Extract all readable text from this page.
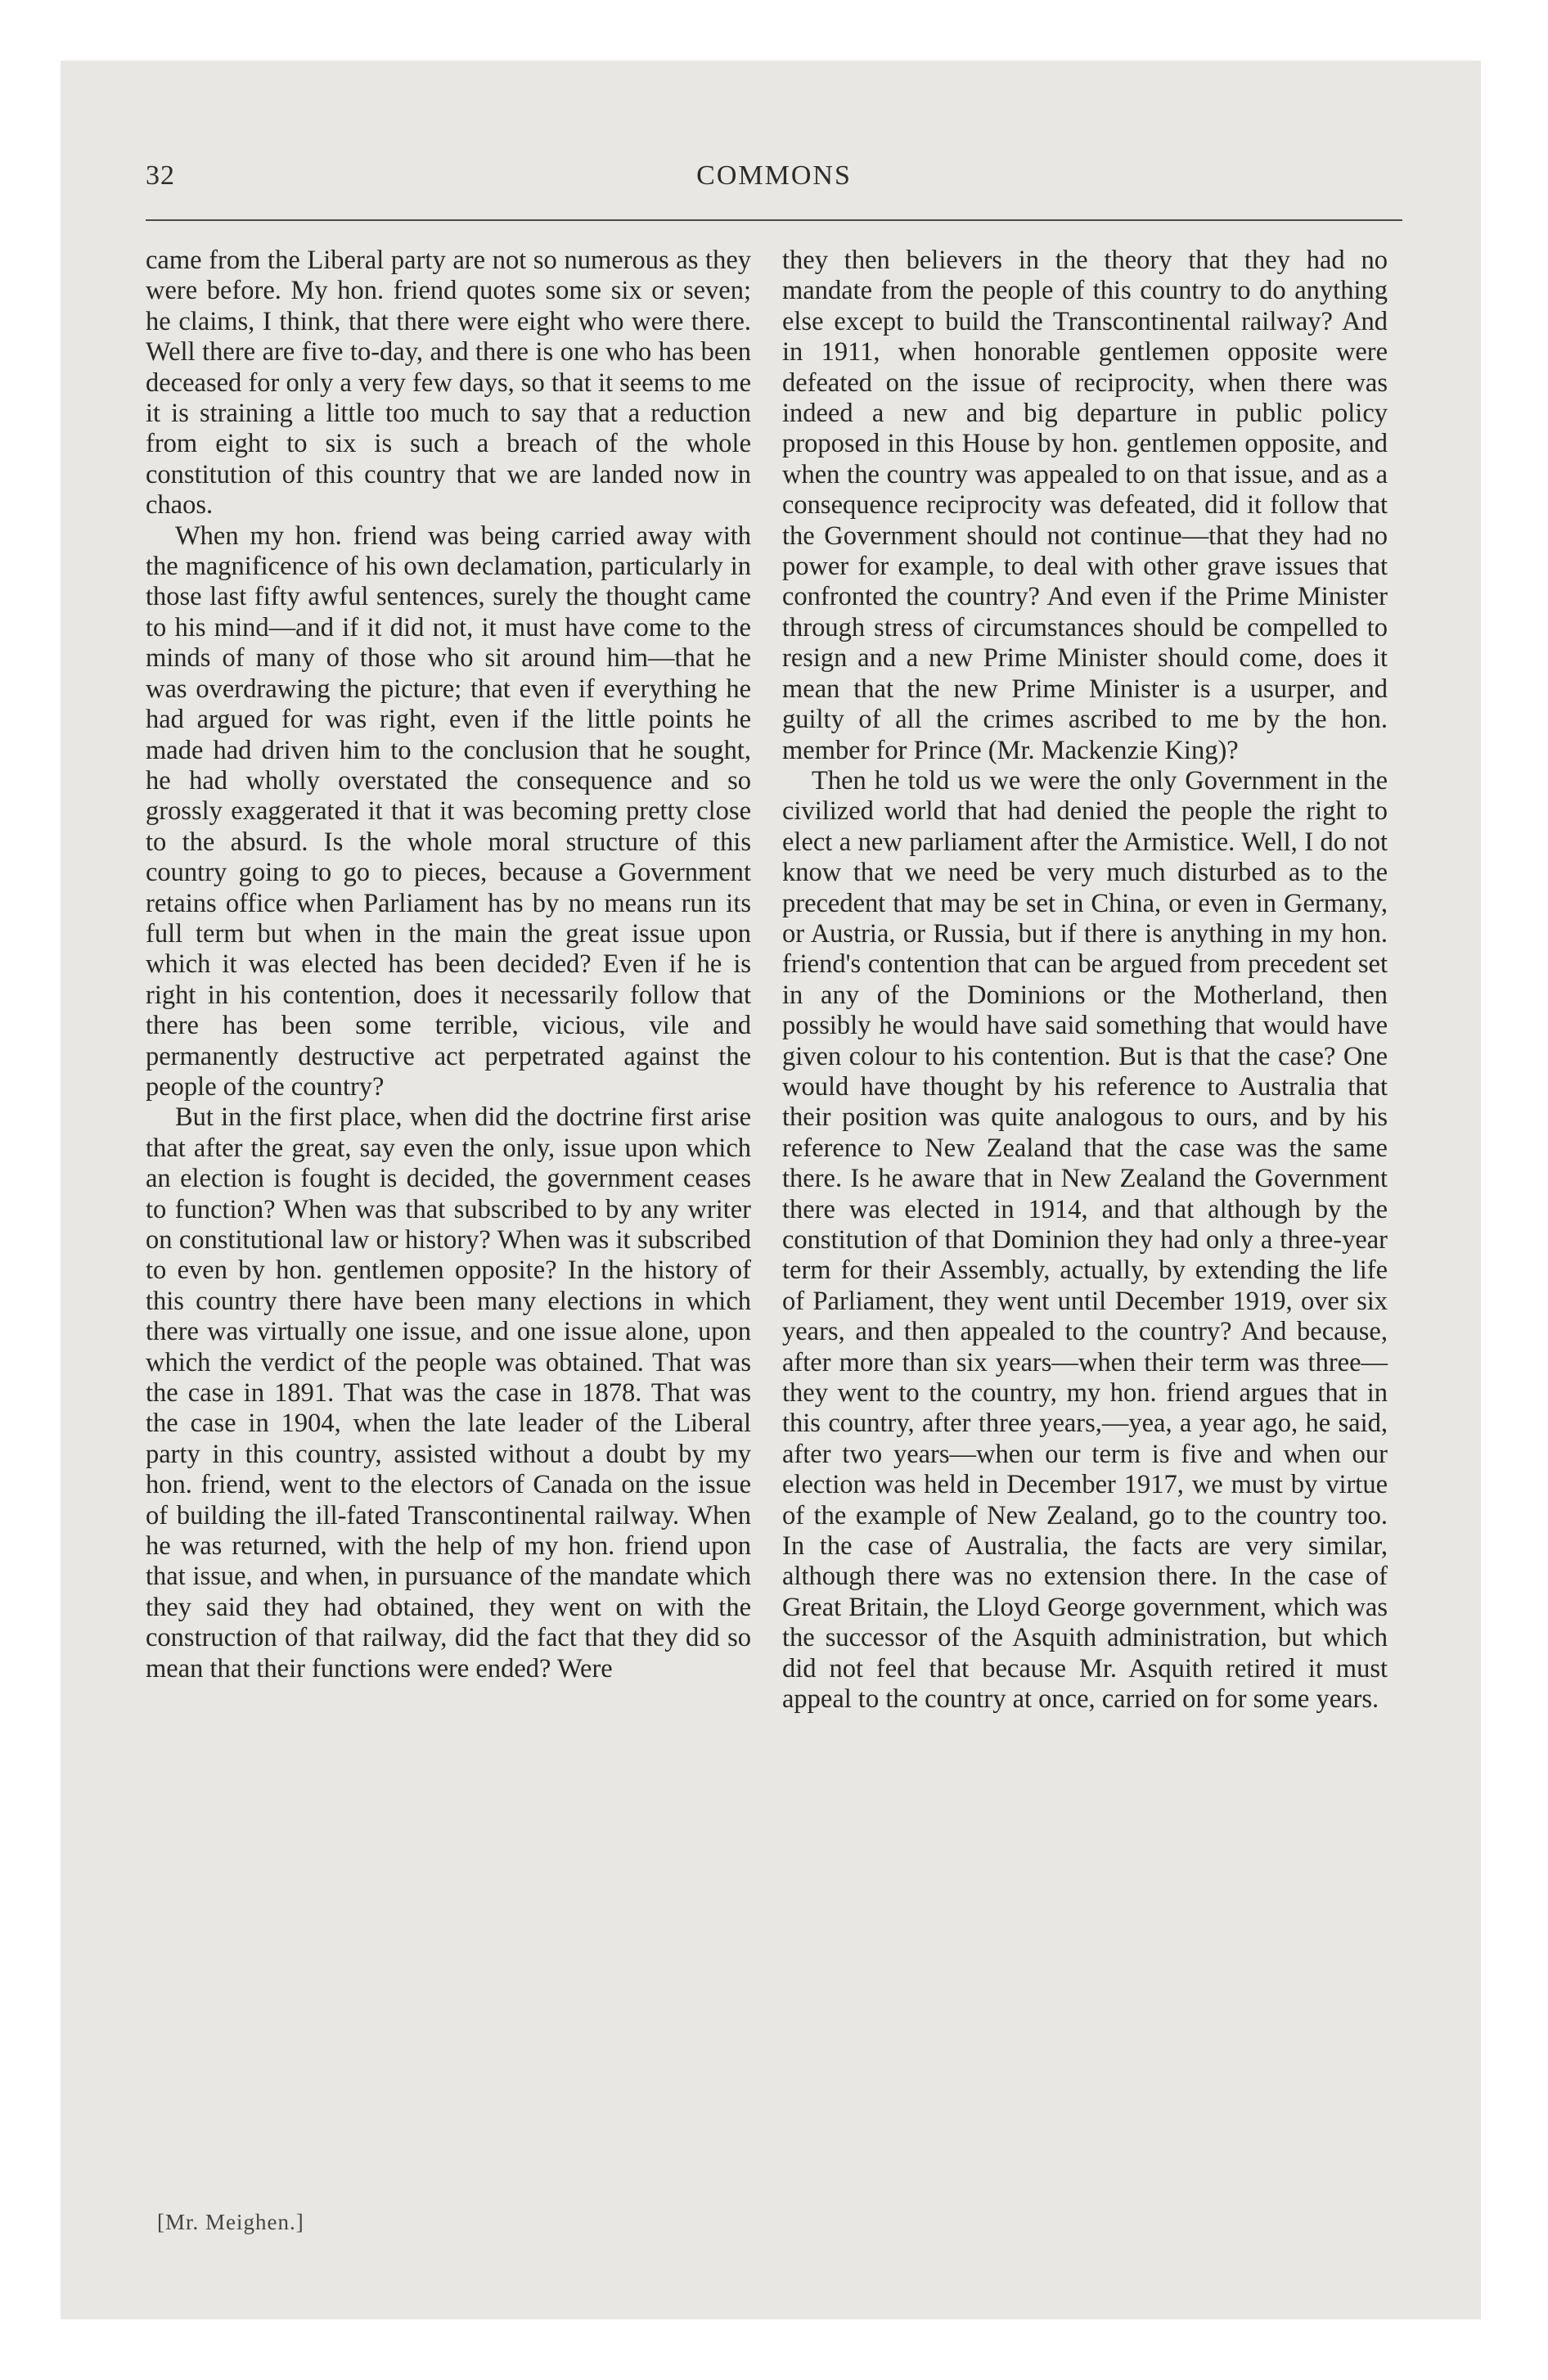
32	COMMONS

came from the Liberal party are not so numerous as they were before. My hon. friend quotes some six or seven; he claims, I think, that there were eight who were there. Well there are five to-day, and there is one who has been deceased for only a very few days, so that it seems to me it is straining a little too much to say that a reduction from eight to six is such a breach of the whole constitution of this country that we are landed now in chaos.

When my hon. friend was being carried away with the magnificence of his own declamation, particularly in those last fifty awful sentences, surely the thought came to his mind—and if it did not, it must have come to the minds of many of those who sit around him—that he was overdrawing the picture; that even if everything he had argued for was right, even if the little points he made had driven him to the conclusion that he sought, he had wholly overstated the consequence and so grossly exaggerated it that it was becoming pretty close to the absurd. Is the whole moral structure of this country going to go to pieces, because a Government retains office when Parliament has by no means run its full term but when in the main the great issue upon which it was elected has been decided? Even if he is right in his contention, does it necessarily follow that there has been some terrible, vicious, vile and permanently destructive act perpetrated against the people of the country?

But in the first place, when did the doctrine first arise that after the great, say even the only, issue upon which an election is fought is decided, the government ceases to function? When was that subscribed to by any writer on constitutional law or history? When was it subscribed to even by hon. gentlemen opposite? In the history of this country there have been many elections in which there was virtually one issue, and one issue alone, upon which the verdict of the people was obtained. That was the case in 1891. That was the case in 1878. That was the case in 1904, when the late leader of the Liberal party in this country, assisted without a doubt by my hon. friend, went to the electors of Canada on the issue of building the ill-fated Transcontinental railway. When he was returned, with the help of my hon. friend upon that issue, and when, in pursuance of the mandate which they said they had obtained, they went on with the construction of that railway, did the fact that they did so mean that their functions were ended? Were

they then believers in the theory that they had no mandate from the people of this country to do anything else except to build the Transcontinental railway? And in 1911, when honorable gentlemen opposite were defeated on the issue of reciprocity, when there was indeed a new and big departure in public policy proposed in this House by hon. gentlemen opposite, and when the country was appealed to on that issue, and as a consequence reciprocity was defeated, did it follow that the Government should not continue—that they had no power for example, to deal with other grave issues that confronted the country? And even if the Prime Minister through stress of circumstances should be compelled to resign and a new Prime Minister should come, does it mean that the new Prime Minister is a usurper, and guilty of all the crimes ascribed to me by the hon. member for Prince (Mr. Mackenzie King)?

Then he told us we were the only Government in the civilized world that had denied the people the right to elect a new parliament after the Armistice. Well, I do not know that we need be very much disturbed as to the precedent that may be set in China, or even in Germany, or Austria, or Russia, but if there is anything in my hon. friend's contention that can be argued from precedent set in any of the Dominions or the Motherland, then possibly he would have said something that would have given colour to his contention. But is that the case? One would have thought by his reference to Australia that their position was quite analogous to ours, and by his reference to New Zealand that the case was the same there. Is he aware that in New Zealand the Government there was elected in 1914, and that although by the constitution of that Dominion they had only a three-year term for their Assembly, actually, by extending the life of Parliament, they went until December 1919, over six years, and then appealed to the country? And because, after more than six years—when their term was three—they went to the country, my hon. friend argues that in this country, after three years,—yea, a year ago, he said, after two years—when our term is five and when our election was held in December 1917, we must by virtue of the example of New Zealand, go to the country too. In the case of Australia, the facts are very similar, although there was no extension there. In the case of Great Britain, the Lloyd George government, which was the successor of the Asquith administration, but which did not feel that because Mr. Asquith retired it must appeal to the country at once, carried on for some years.

[Mr. Meighen.]
